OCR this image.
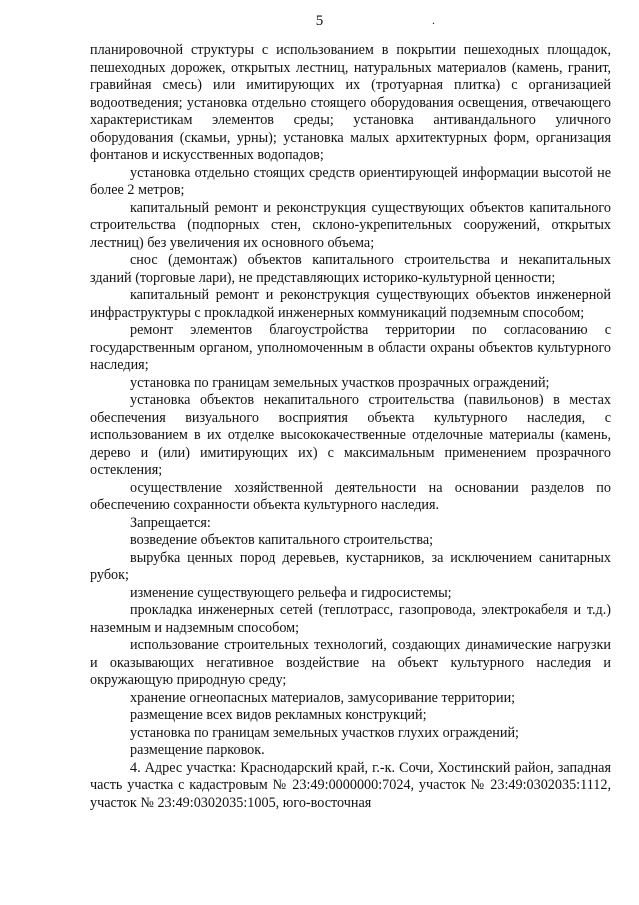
5	.

планировочной структуры с использованием в покрытии пешеходных площадок, пешеходных дорожек, открытых лестниц, натуральных материалов (камень, гранит, гравийная смесь) или имитирующих их (тротуарная плитка) с организацией водоотведения; установка отдельно стоящего оборудования освещения, отвечающего характеристикам элементов среды; установка антивандального уличного оборудования (скамьи, урны); установка малых архитектурных форм, организация фонтанов и искусственных водопадов;

установка отдельно стоящих средств ориентирующей информации высотой не более 2 метров;

капитальный ремонт и реконструкция существующих объектов капитального строительства (подпорных стен, склоно-укрепительных сооружений, открытых лестниц) без увеличения их основного объема;

снос (демонтаж) объектов капитального строительства и некапитальных зданий (торговые лари), не представляющих историко-культурной ценности;

капитальный ремонт и реконструкция существующих объектов инженерной инфраструктуры с прокладкой инженерных коммуникаций подземным способом;

ремонт элементов благоустройства территории по согласованию с государственным органом, уполномоченным в области охраны объектов культурного наследия;

установка по границам земельных участков прозрачных ограждений;

установка объектов некапитального строительства (павильонов) в местах обеспечения визуального восприятия объекта культурного наследия, с использованием в их отделке высококачественные отделочные материалы (камень, дерево и (или) имитирующих их) с максимальным применением прозрачного остекления;

осуществление хозяйственной деятельности на основании разделов по обеспечению сохранности объекта культурного наследия.

Запрещается:

возведение объектов капитального строительства;

вырубка ценных пород деревьев, кустарников, за исключением санитарных рубок;

изменение существующего рельефа и гидросистемы;

прокладка инженерных сетей (теплотрасс, газопровода, электрокабеля и т.д.) наземным и надземным способом;

использование строительных технологий, создающих динамические нагрузки и оказывающих негативное воздействие на объект культурного наследия и окружающую природную среду;

хранение огнеопасных материалов, замусоривание территории;

размещение всех видов рекламных конструкций;

установка по границам земельных участков глухих ограждений;

размещение парковок.

4. Адрес участка: Краснодарский край, г.-к. Сочи, Хостинский район, западная часть участка с кадастровым № 23:49:0000000:7024, участок № 23:49:0302035:1112, участок № 23:49:0302035:1005, юго-восточная
